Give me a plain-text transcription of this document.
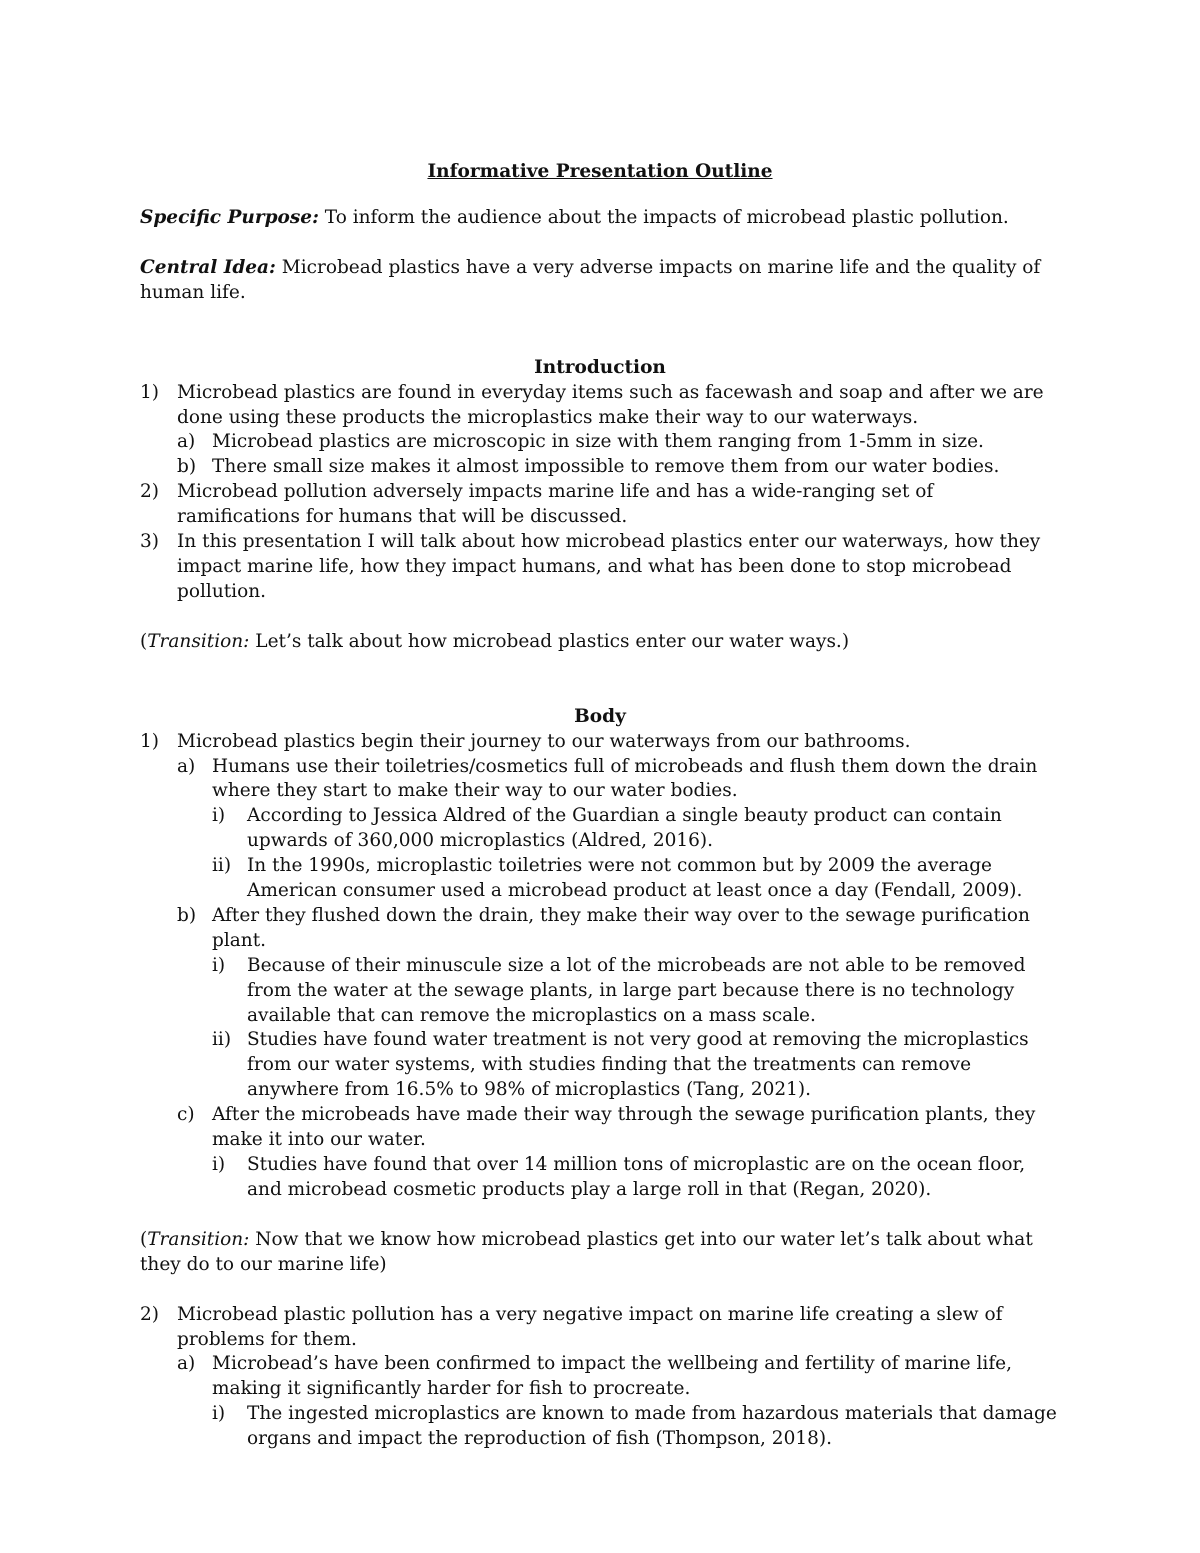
Informative Presentation Outline

Specific Purpose: To inform the audience about the impacts of microbead plastic pollution.

Central Idea: Microbead plastics have a very adverse impacts on marine life and the quality of human life.

Introduction

1) Microbead plastics are found in everyday items such as facewash and soap and after we are done using these products the microplastics make their way to our waterways.
a) Microbead plastics are microscopic in size with them ranging from 1-5mm in size.
b) There small size makes it almost impossible to remove them from our water bodies.
2) Microbead pollution adversely impacts marine life and has a wide-ranging set of ramifications for humans that will be discussed.
3) In this presentation I will talk about how microbead plastics enter our waterways, how they impact marine life, how they impact humans, and what has been done to stop microbead pollution.

(Transition: Let’s talk about how microbead plastics enter our water ways.)

Body

1) Microbead plastics begin their journey to our waterways from our bathrooms.
a) Humans use their toiletries/cosmetics full of microbeads and flush them down the drain where they start to make their way to our water bodies.
i)	According to Jessica Aldred of the Guardian a single beauty product can contain upwards of 360,000 microplastics (Aldred, 2016).
ii) In the 1990s, microplastic toiletries were not common but by 2009 the average American consumer used a microbead product at least once a day (Fendall, 2009).
b) After they flushed down the drain, they make their way over to the sewage purification plant.
i)	Because of their minuscule size a lot of the microbeads are not able to be removed from the water at the sewage plants, in large part because there is no technology available that can remove the microplastics on a mass scale.
ii) Studies have found water treatment is not very good at removing the microplastics from our water systems, with studies finding that the treatments can remove anywhere from 16.5% to 98% of microplastics (Tang, 2021).
c) After the microbeads have made their way through the sewage purification plants, they make it into our water.
i)	Studies have found that over 14 million tons of microplastic are on the ocean floor, and microbead cosmetic products play a large roll in that (Regan, 2020).

(Transition: Now that we know how microbead plastics get into our water let’s talk about what they do to our marine life)

2) Microbead plastic pollution has a very negative impact on marine life creating a slew of problems for them.
a) Microbead’s have been confirmed to impact the wellbeing and fertility of marine life, making it significantly harder for fish to procreate.
i)	The ingested microplastics are known to made from hazardous materials that damage organs and impact the reproduction of fish (Thompson, 2018).
